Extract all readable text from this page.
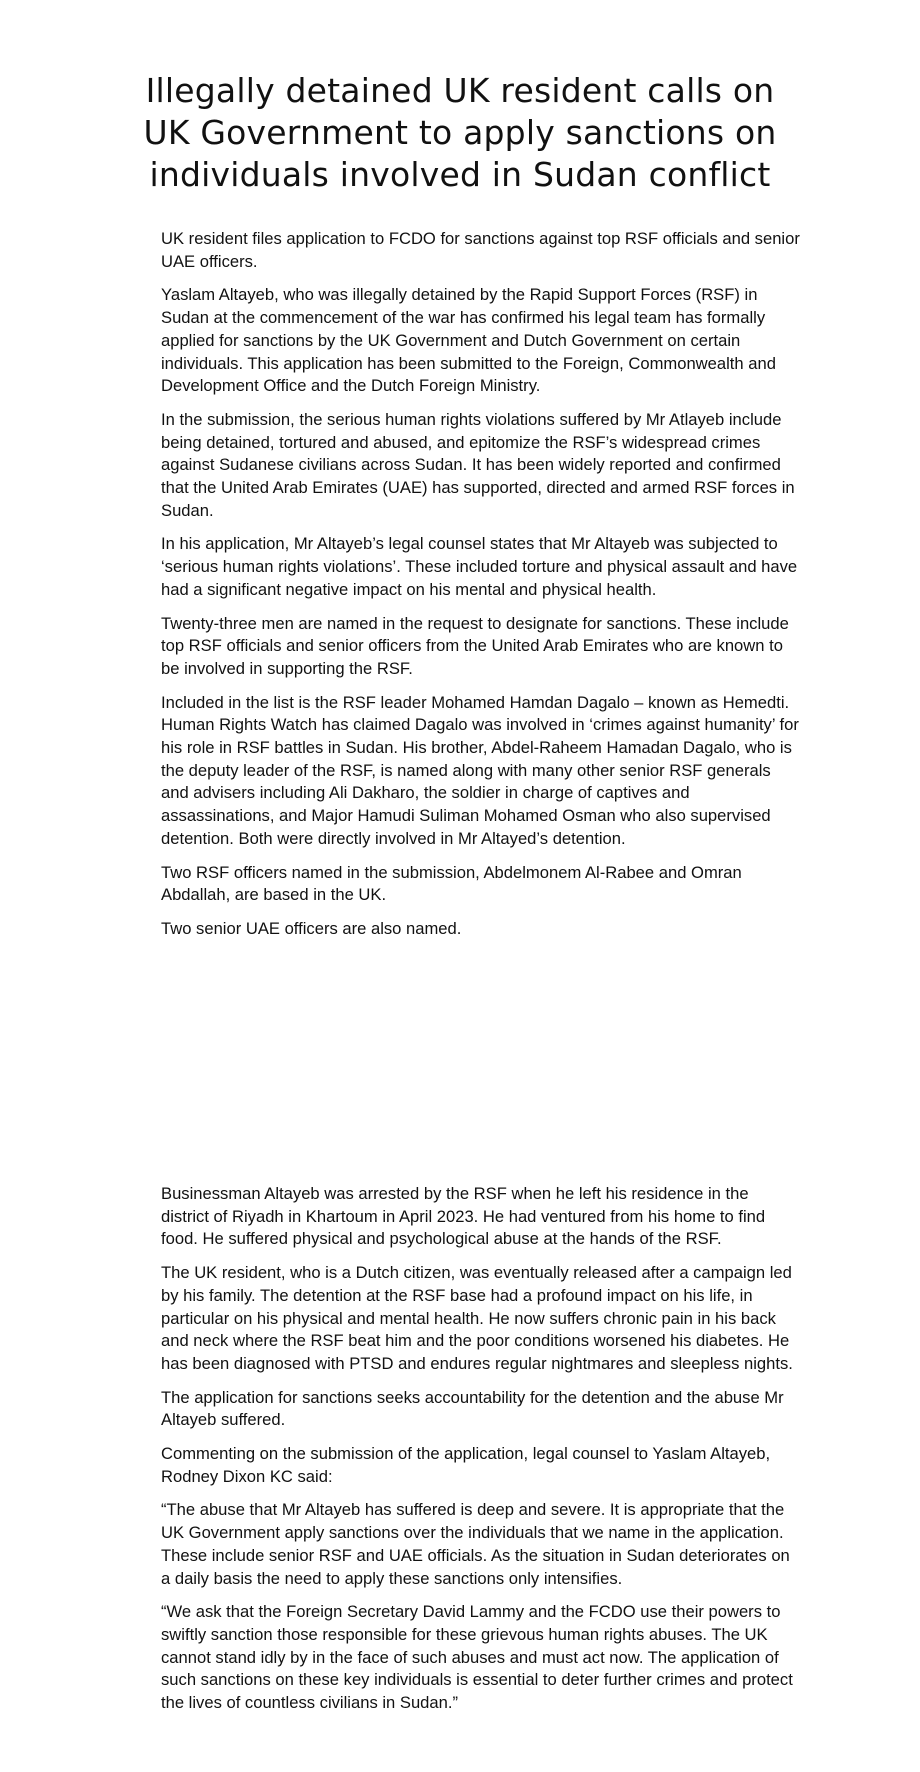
Illegally detained UK resident calls on
UK Government to apply sanctions on
individuals involved in Sudan conflict

UK resident files application to FCDO for sanctions against top RSF officials and senior UAE officers.

Yaslam Altayeb, who was illegally detained by the Rapid Support Forces (RSF) in Sudan at the commencement of the war has confirmed his legal team has formally applied for sanctions by the UK Government and Dutch Government on certain individuals. This application has been submitted to the Foreign, Commonwealth and Development Office and the Dutch Foreign Ministry.

In the submission, the serious human rights violations suffered by Mr Atlayeb include being detained, tortured and abused, and epitomize the RSF’s widespread crimes against Sudanese civilians across Sudan. It has been widely reported and confirmed that the United Arab Emirates (UAE) has supported, directed and armed RSF forces in Sudan.

In his application, Mr Altayeb’s legal counsel states that Mr Altayeb was subjected to ‘serious human rights violations’. These included torture and physical assault and have had a significant negative impact on his mental and physical health.

Twenty-three men are named in the request to designate for sanctions. These include top RSF officials and senior officers from the United Arab Emirates who are known to be involved in supporting the RSF.

Included in the list is the RSF leader Mohamed Hamdan Dagalo – known as Hemedti. Human Rights Watch has claimed Dagalo was involved in ‘crimes against humanity’ for his role in RSF battles in Sudan. His brother, Abdel-Raheem Hamadan Dagalo, who is the deputy leader of the RSF, is named along with many other senior RSF generals and advisers including Ali Dakharo, the soldier in charge of captives and assassinations, and Major Hamudi Suliman Mohamed Osman who also supervised detention. Both were directly involved in Mr Altayed’s detention.

Two RSF officers named in the submission, Abdelmonem Al-Rabee and Omran Abdallah, are based in the UK.

Two senior UAE officers are also named.

Businessman Altayeb was arrested by the RSF when he left his residence in the district of Riyadh in Khartoum in April 2023. He had ventured from his home to find food. He suffered physical and psychological abuse at the hands of the RSF.

The UK resident, who is a Dutch citizen, was eventually released after a campaign led by his family. The detention at the RSF base had a profound impact on his life, in particular on his physical and mental health. He now suffers chronic pain in his back and neck where the RSF beat him and the poor conditions worsened his diabetes. He has been diagnosed with PTSD and endures regular nightmares and sleepless nights.

The application for sanctions seeks accountability for the detention and the abuse Mr Altayeb suffered.

Commenting on the submission of the application, legal counsel to Yaslam Altayeb, Rodney Dixon KC said:

“The abuse that Mr Altayeb has suffered is deep and severe. It is appropriate that the UK Government apply sanctions over the individuals that we name in the application. These include senior RSF and UAE officials. As the situation in Sudan deteriorates on a daily basis the need to apply these sanctions only intensifies.

“We ask that the Foreign Secretary David Lammy and the FCDO use their powers to swiftly sanction those responsible for these grievous human rights abuses. The UK cannot stand idly by in the face of such abuses and must act now. The application of such sanctions on these key individuals is essential to deter further crimes and protect the lives of countless civilians in Sudan.”
